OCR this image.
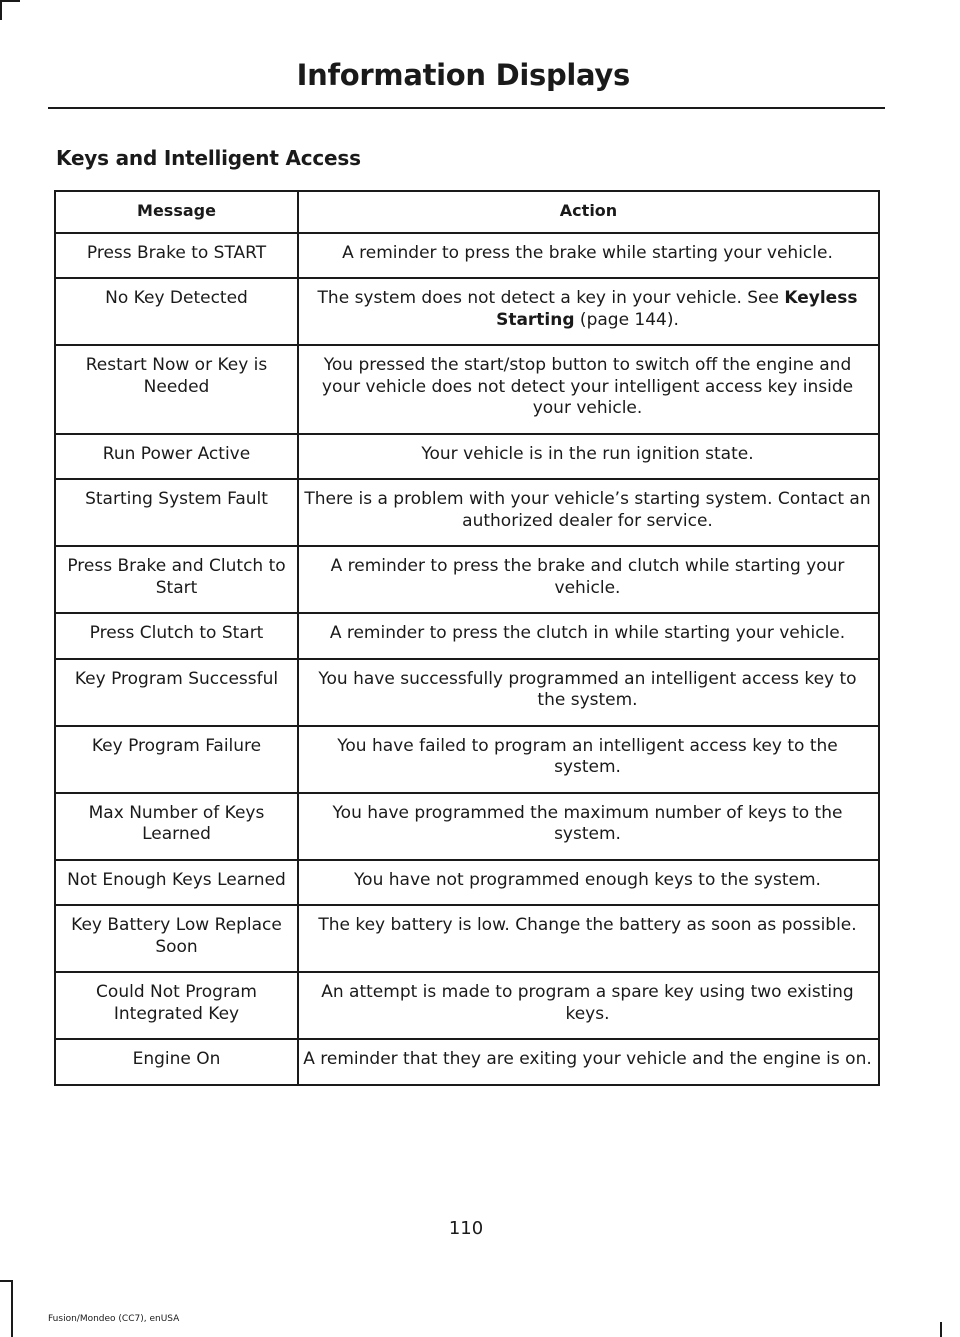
Information Displays
Keys and Intelligent Access
Message	Action
Press Brake to START	A reminder to press the brake while starting your vehicle.
No Key Detected	The system does not detect a key in your vehicle. See Keyless Starting (page 144).
Restart Now or Key is Needed	You pressed the start/stop button to switch off the engine and your vehicle does not detect your intelligent access key inside your vehicle.
Run Power Active	Your vehicle is in the run ignition state.
Starting System Fault	There is a problem with your vehicle’s starting system. Contact an authorized dealer for service.
Press Brake and Clutch to Start	A reminder to press the brake and clutch while starting your vehicle.
Press Clutch to Start	A reminder to press the clutch in while starting your vehicle.
Key Program Successful	You have successfully programmed an intelligent access key to the system.
Key Program Failure	You have failed to program an intelligent access key to the system.
Max Number of Keys Learned	You have programmed the maximum number of keys to the system.
Not Enough Keys Learned	You have not programmed enough keys to the system.
Key Battery Low Replace Soon	The key battery is low. Change the battery as soon as possible.
Could Not Program Integrated Key	An attempt is made to program a spare key using two existing keys.
Engine On	A reminder that they are exiting your vehicle and the engine is on.
110
Fusion/Mondeo (CC7), enUSA
